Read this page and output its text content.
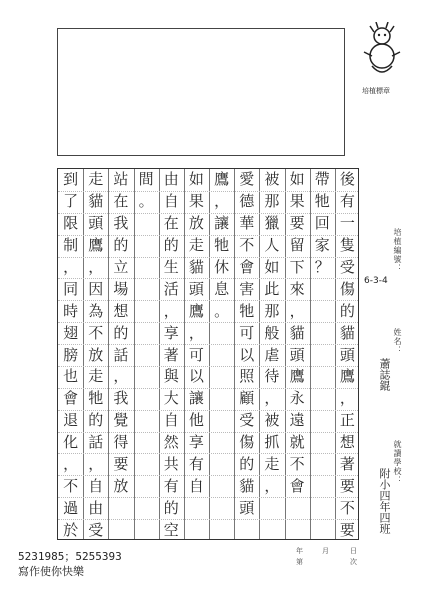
培植標章
後
有
一
隻
受
傷
的
貓
頭
鷹
，
正
想
著
要
不
要
帶
牠
回
家
？
如
果
要
留
下
來
，
貓
頭
鷹
永
遠
就
不
會
被
那
獵
人
如
此
那
般
虐
待
，
被
抓
走
，
愛
德
華
不
會
害
牠
可
以
照
顧
受
傷
的
貓
頭
鷹
，
讓
牠
休
息
。
如
果
放
走
貓
頭
鷹
，
可
以
讓
他
享
有
自
由
自
在
的
生
活
，
享
著
與
大
自
然
共
有
的
空
間
。
站
在
我
的
立
場
想
的
話
，
我
覺
得
要
放
走
貓
頭
鷹
，
因
為
不
放
走
牠
的
話
，
自
由
受
到
了
限
制
，
同
時
翅
膀
也
會
退
化
，
不
過
於
培植編號：
6-3-4
姓名：
蕭誌錕
就讀學校：
附小四年四班
年	月	日
第	次
5231985；5255393
寫作使你快樂
